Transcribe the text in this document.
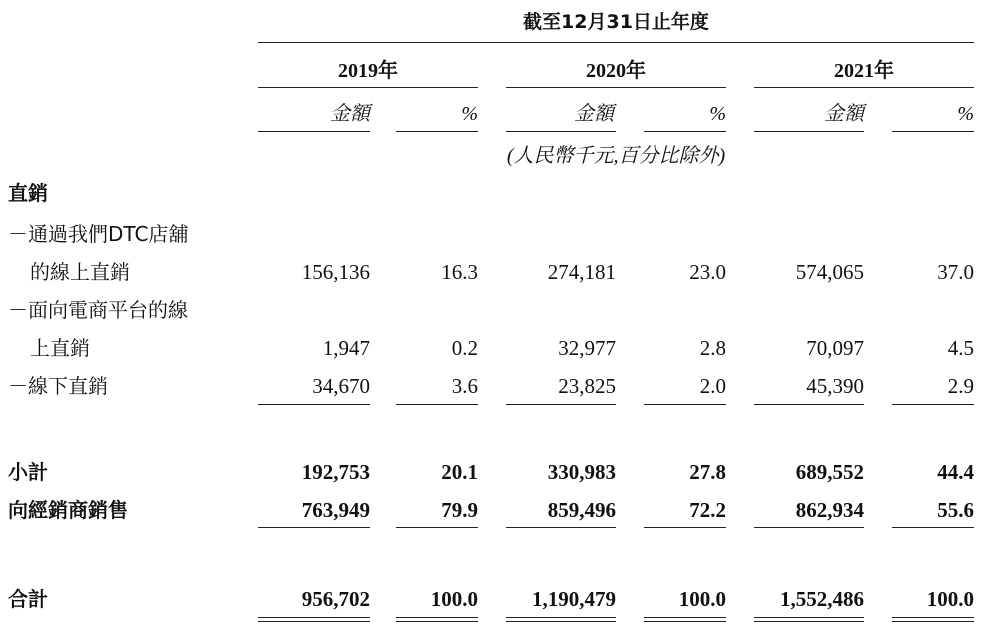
截至12月31日止年度
2019年	2020年	2021年
金額	%	金額	%	金額	%
(人民幣千元,百分比除外)
直銷
－通過我們DTC店舖
的線上直銷	156,136	16.3	274,181	23.0	574,065	37.0
－面向電商平台的線
上直銷	1,947	0.2	32,977	2.8	70,097	4.5
－線下直銷	34,670	3.6	23,825	2.0	45,390	2.9
小計	192,753	20.1	330,983	27.8	689,552	44.4
向經銷商銷售	763,949	79.9	859,496	72.2	862,934	55.6
合計	956,702	100.0	1,190,479	100.0	1,552,486	100.0
